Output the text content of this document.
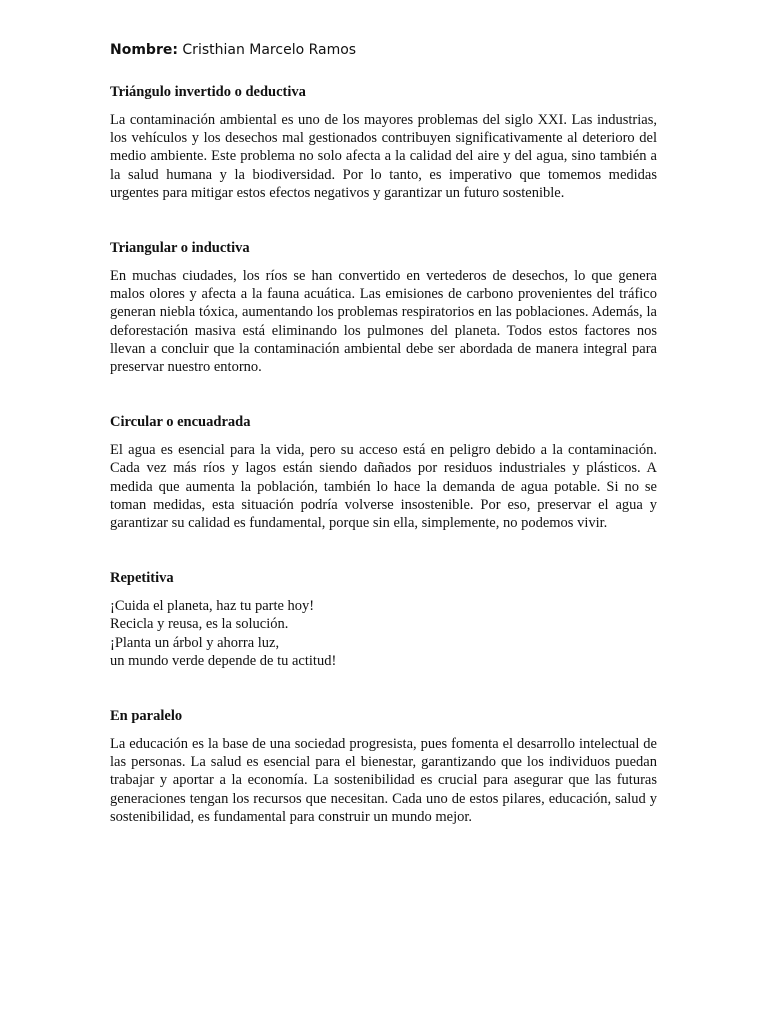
Nombre: Cristhian Marcelo Ramos
Triángulo invertido o deductiva

La contaminación ambiental es uno de los mayores problemas del siglo XXI. Las industrias, los vehículos y los desechos mal gestionados contribuyen significativamente al deterioro del medio ambiente. Este problema no solo afecta a la calidad del aire y del agua, sino también a la salud humana y la biodiversidad. Por lo tanto, es imperativo que tomemos medidas urgentes para mitigar estos efectos negativos y garantizar un futuro sostenible.

Triangular o inductiva

En muchas ciudades, los ríos se han convertido en vertederos de desechos, lo que genera malos olores y afecta a la fauna acuática. Las emisiones de carbono provenientes del tráfico generan niebla tóxica, aumentando los problemas respiratorios en las poblaciones. Además, la deforestación masiva está eliminando los pulmones del planeta. Todos estos factores nos llevan a concluir que la contaminación ambiental debe ser abordada de manera integral para preservar nuestro entorno.

Circular o encuadrada

El agua es esencial para la vida, pero su acceso está en peligro debido a la contaminación. Cada vez más ríos y lagos están siendo dañados por residuos industriales y plásticos. A medida que aumenta la población, también lo hace la demanda de agua potable. Si no se toman medidas, esta situación podría volverse insostenible. Por eso, preservar el agua y garantizar su calidad es fundamental, porque sin ella, simplemente, no podemos vivir.

Repetitiva
¡Cuida el planeta, haz tu parte hoy!
Recicla y reusa, es la solución.
¡Planta un árbol y ahorra luz,
un mundo verde depende de tu actitud!
En paralelo

La educación es la base de una sociedad progresista, pues fomenta el desarrollo intelectual de las personas. La salud es esencial para el bienestar, garantizando que los individuos puedan trabajar y aportar a la economía. La sostenibilidad es crucial para asegurar que las futuras generaciones tengan los recursos que necesitan. Cada uno de estos pilares, educación, salud y sostenibilidad, es fundamental para construir un mundo mejor.
